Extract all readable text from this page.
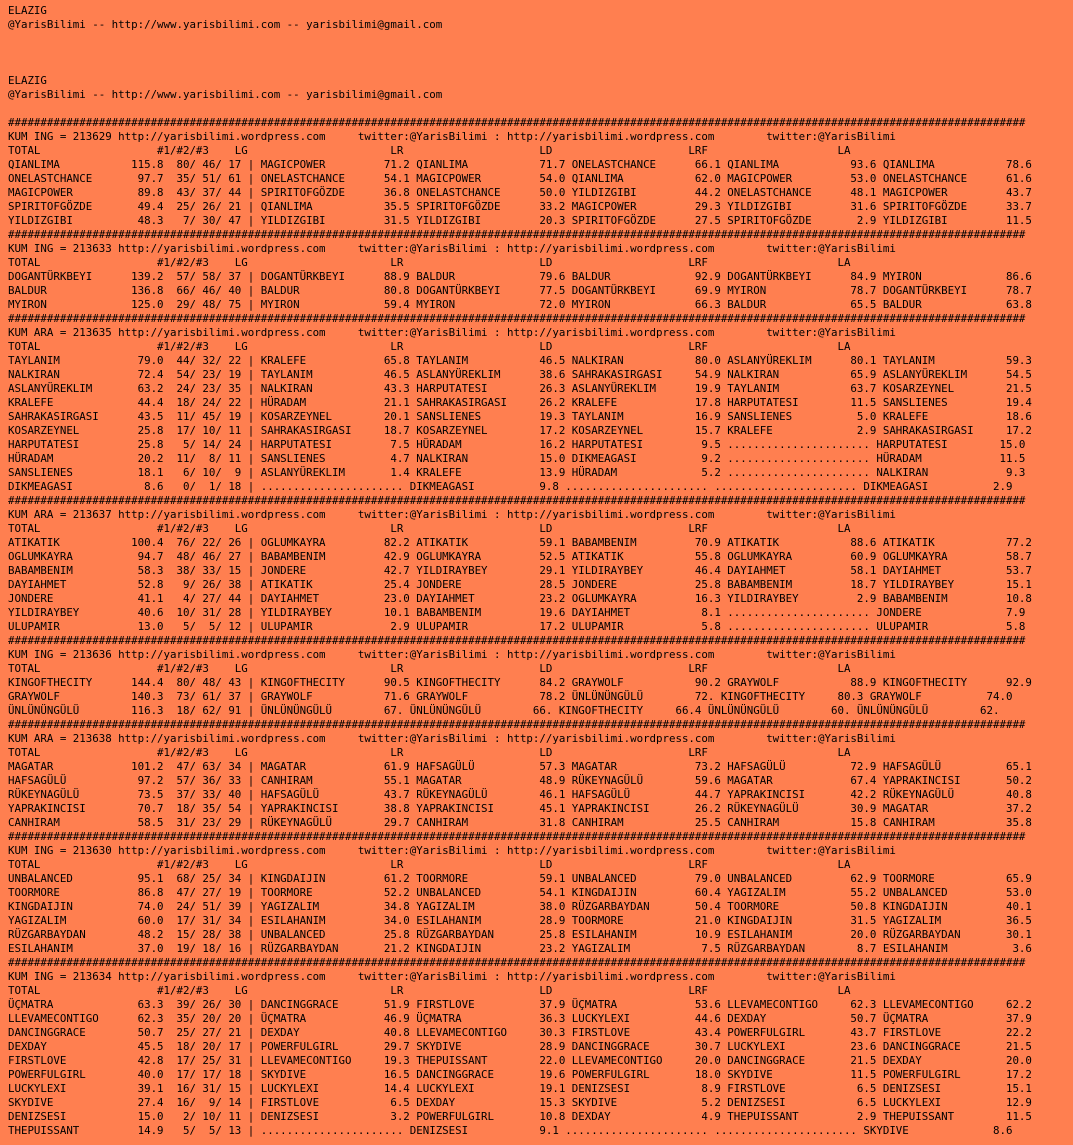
ELAZIG
@YarisBilimi -- http://www.yarisbilimi.com -- yarisbilimi@gmail.com

ELAZIG
@YarisBilimi -- http://www.yarisbilimi.com -- yarisbilimi@gmail.com

#############################################################################################################################################################
KUM ING = 213629 http://yarisbilimi.wordpress.com     twitter:@YarisBilimi : http://yarisbilimi.wordpress.com        twitter:@YarisBilimi
TOTAL                  #1/#2/#3    LG                      LR                     LD                     LRF                    LA
QIANLIMA           115.8  80/ 46/ 17 | MAGICPOWER         71.2 QIANLIMA           71.7 ONELASTCHANCE      66.1 QIANLIMA           93.6 QIANLIMA           78.6
ONELASTCHANCE       97.7  35/ 51/ 61 | ONELASTCHANCE      54.1 MAGICPOWER         54.0 QIANLIMA           62.0 MAGICPOWER         53.0 ONELASTCHANCE      61.6
MAGICPOWER          89.8  43/ 37/ 44 | SPIRITOFGÖZDE      36.8 ONELASTCHANCE      50.0 YILDIZGIBI         44.2 ONELASTCHANCE      48.1 MAGICPOWER         43.7
SPIRITOFGÖZDE       49.4  25/ 26/ 21 | QIANLIMA           35.5 SPIRITOFGÖZDE      33.2 MAGICPOWER         29.3 YILDIZGIBI         31.6 SPIRITOFGÖZDE      33.7
YILDIZGIBI          48.3   7/ 30/ 47 | YILDIZGIBI         31.5 YILDIZGIBI         20.3 SPIRITOFGÖZDE      27.5 SPIRITOFGÖZDE       2.9 YILDIZGIBI         11.5
#############################################################################################################################################################
KUM ING = 213633 http://yarisbilimi.wordpress.com     twitter:@YarisBilimi : http://yarisbilimi.wordpress.com        twitter:@YarisBilimi
TOTAL                  #1/#2/#3    LG                      LR                     LD                     LRF                    LA
DOGANTÜRKBEYI      139.2  57/ 58/ 37 | DOGANTÜRKBEYI      88.9 BALDUR             79.6 BALDUR             92.9 DOGANTÜRKBEYI      84.9 MYIRON             86.6
BALDUR             136.8  66/ 46/ 40 | BALDUR             80.8 DOGANTÜRKBEYI      77.5 DOGANTÜRKBEYI      69.9 MYIRON             78.7 DOGANTÜRKBEYI      78.7
MYIRON             125.0  29/ 48/ 75 | MYIRON             59.4 MYIRON             72.0 MYIRON             66.3 BALDUR             65.5 BALDUR             63.8
#############################################################################################################################################################
KUM ARA = 213635 http://yarisbilimi.wordpress.com     twitter:@YarisBilimi : http://yarisbilimi.wordpress.com        twitter:@YarisBilimi
TOTAL                  #1/#2/#3    LG                      LR                     LD                     LRF                    LA
TAYLANIM            79.0  44/ 32/ 22 | KRALEFE            65.8 TAYLANIM           46.5 NALKIRAN           80.0 ASLANYÜREKLIM      80.1 TAYLANIM           59.3
NALKIRAN            72.4  54/ 23/ 19 | TAYLANIM           46.5 ASLANYÜREKLIM      38.6 SAHRAKASIRGASI     54.9 NALKIRAN           65.9 ASLANYÜREKLIM      54.5
ASLANYÜREKLIM       63.2  24/ 23/ 35 | NALKIRAN           43.3 HARPUTATESI        26.3 ASLANYÜREKLIM      19.9 TAYLANIM           63.7 KOSARZEYNEL        21.5
KRALEFE             44.4  18/ 24/ 22 | HÜRADAM            21.1 SAHRAKASIRGASI     26.2 KRALEFE            17.8 HARPUTATESI        11.5 SANSLIENES         19.4
SAHRAKASIRGASI      43.5  11/ 45/ 19 | KOSARZEYNEL        20.1 SANSLIENES         19.3 TAYLANIM           16.9 SANSLIENES          5.0 KRALEFE            18.6
KOSARZEYNEL         25.8  17/ 10/ 11 | SAHRAKASIRGASI     18.7 KOSARZEYNEL        17.2 KOSARZEYNEL        15.7 KRALEFE             2.9 SAHRAKASIRGASI     17.2
HARPUTATESI         25.8   5/ 14/ 24 | HARPUTATESI         7.5 HÜRADAM            16.2 HARPUTATESI         9.5 ...................... HARPUTATESI        15.0
HÜRADAM             20.2  11/  8/ 11 | SANSLIENES          4.7 NALKIRAN           15.0 DIKMEAGASI          9.2 ...................... HÜRADAM            11.5
SANSLIENES          18.1   6/ 10/  9 | ASLANYÜREKLIM       1.4 KRALEFE            13.9 HÜRADAM             5.2 ...................... NALKIRAN            9.3
DIKMEAGASI           8.6   0/  1/ 18 | ...................... DIKMEAGASI          9.8 ...................... ...................... DIKMEAGASI          2.9
#############################################################################################################################################################
KUM ARA = 213637 http://yarisbilimi.wordpress.com     twitter:@YarisBilimi : http://yarisbilimi.wordpress.com        twitter:@YarisBilimi
TOTAL                  #1/#2/#3    LG                      LR                     LD                     LRF                    LA
ATIKATIK           100.4  76/ 22/ 26 | OGLUMKAYRA         82.2 ATIKATIK           59.1 BABAMBENIM         70.9 ATIKATIK           88.6 ATIKATIK           77.2
OGLUMKAYRA          94.7  48/ 46/ 27 | BABAMBENIM         42.9 OGLUMKAYRA         52.5 ATIKATIK           55.8 OGLUMKAYRA         60.9 OGLUMKAYRA         58.7
BABAMBENIM          58.3  38/ 33/ 15 | JONDERE            42.7 YILDIRAYBEY        29.1 YILDIRAYBEY        46.4 DAYIAHMET          58.1 DAYIAHMET          53.7
DAYIAHMET           52.8   9/ 26/ 38 | ATIKATIK           25.4 JONDERE            28.5 JONDERE            25.8 BABAMBENIM         18.7 YILDIRAYBEY        15.1
JONDERE             41.1   4/ 27/ 44 | DAYIAHMET          23.0 DAYIAHMET          23.2 OGLUMKAYRA         16.3 YILDIRAYBEY         2.9 BABAMBENIM         10.8
YILDIRAYBEY         40.6  10/ 31/ 28 | YILDIRAYBEY        10.1 BABAMBENIM         19.6 DAYIAHMET           8.1 ...................... JONDERE             7.9
ULUPAMIR            13.0   5/  5/ 12 | ULUPAMIR            2.9 ULUPAMIR           17.2 ULUPAMIR            5.8 ...................... ULUPAMIR            5.8
#############################################################################################################################################################
KUM ING = 213636 http://yarisbilimi.wordpress.com     twitter:@YarisBilimi : http://yarisbilimi.wordpress.com        twitter:@YarisBilimi
TOTAL                  #1/#2/#3    LG                      LR                     LD                     LRF                    LA
KINGOFTHECITY      144.4  80/ 48/ 43 | KINGOFTHECITY      90.5 KINGOFTHECITY      84.2 GRAYWOLF           90.2 GRAYWOLF           88.9 KINGOFTHECITY      92.9
GRAYWOLF           140.3  73/ 61/ 37 | GRAYWOLF           71.6 GRAYWOLF           78.2 ÜNLÜNÜNGÜLÜ        72. KINGOFTHECITY     80.3 GRAYWOLF          74.0
ÜNLÜNÜNGÜLÜ        116.3  18/ 62/ 91 | ÜNLÜNÜNGÜLÜ        67. ÜNLÜNÜNGÜLÜ        66. KINGOFTHECITY     66.4 ÜNLÜNÜNGÜLÜ        60. ÜNLÜNÜNGÜLÜ        62.
#############################################################################################################################################################
KUM ARA = 213638 http://yarisbilimi.wordpress.com     twitter:@YarisBilimi : http://yarisbilimi.wordpress.com        twitter:@YarisBilimi
TOTAL                  #1/#2/#3    LG                      LR                     LD                     LRF                    LA
MAGATAR            101.2  47/ 63/ 34 | MAGATAR            61.9 HAFSAGÜLÜ          57.3 MAGATAR            73.2 HAFSAGÜLÜ          72.9 HAFSAGÜLÜ          65.1
HAFSAGÜLÜ           97.2  57/ 36/ 33 | CANHIRAM           55.1 MAGATAR            48.9 RÜKEYNAGÜLÜ        59.6 MAGATAR            67.4 YAPRAKINCISI       50.2
RÜKEYNAGÜLÜ         73.5  37/ 33/ 40 | HAFSAGÜLÜ          43.7 RÜKEYNAGÜLÜ        46.1 HAFSAGÜLÜ          44.7 YAPRAKINCISI       42.2 RÜKEYNAGÜLÜ        40.8
YAPRAKINCISI        70.7  18/ 35/ 54 | YAPRAKINCISI       38.8 YAPRAKINCISI       45.1 YAPRAKINCISI       26.2 RÜKEYNAGÜLÜ        30.9 MAGATAR            37.2
CANHIRAM            58.5  31/ 23/ 29 | RÜKEYNAGÜLÜ        29.7 CANHIRAM           31.8 CANHIRAM           25.5 CANHIRAM           15.8 CANHIRAM           35.8
#############################################################################################################################################################
KUM ING = 213630 http://yarisbilimi.wordpress.com     twitter:@YarisBilimi : http://yarisbilimi.wordpress.com        twitter:@YarisBilimi
TOTAL                  #1/#2/#3    LG                      LR                     LD                     LRF                    LA
UNBALANCED          95.1  68/ 25/ 34 | KINGDAIJIN         61.2 TOORMORE           59.1 UNBALANCED         79.0 UNBALANCED         62.9 TOORMORE           65.9
TOORMORE            86.8  47/ 27/ 19 | TOORMORE           52.2 UNBALANCED         54.1 KINGDAIJIN         60.4 YAGIZALIM          55.2 UNBALANCED         53.0
KINGDAIJIN          74.0  24/ 51/ 39 | YAGIZALIM          34.8 YAGIZALIM          38.0 RÜZGARBAYDAN       50.4 TOORMORE           50.8 KINGDAIJIN         40.1
YAGIZALIM           60.0  17/ 31/ 34 | ESILAHANIM         34.0 ESILAHANIM         28.9 TOORMORE           21.0 KINGDAIJIN         31.5 YAGIZALIM          36.5
RÜZGARBAYDAN        48.2  15/ 28/ 38 | UNBALANCED         25.8 RÜZGARBAYDAN       25.8 ESILAHANIM         10.9 ESILAHANIM         20.0 RÜZGARBAYDAN       30.1
ESILAHANIM          37.0  19/ 18/ 16 | RÜZGARBAYDAN       21.2 KINGDAIJIN         23.2 YAGIZALIM           7.5 RÜZGARBAYDAN        8.7 ESILAHANIM          3.6
#############################################################################################################################################################
KUM ING = 213634 http://yarisbilimi.wordpress.com     twitter:@YarisBilimi : http://yarisbilimi.wordpress.com        twitter:@YarisBilimi
TOTAL                  #1/#2/#3    LG                      LR                     LD                     LRF                    LA
ÜÇMATRA             63.3  39/ 26/ 30 | DANCINGGRACE       51.9 FIRSTLOVE          37.9 ÜÇMATRA            53.6 LLEVAMECONTIGO     62.3 LLEVAMECONTIGO     62.2
LLEVAMECONTIGO      62.3  35/ 20/ 20 | ÜÇMATRA            46.9 ÜÇMATRA            36.3 LUCKYLEXI          44.6 DEXDAY             50.7 ÜÇMATRA            37.9
DANCINGGRACE        50.7  25/ 27/ 21 | DEXDAY             40.8 LLEVAMECONTIGO     30.3 FIRSTLOVE          43.4 POWERFULGIRL       43.7 FIRSTLOVE          22.2
DEXDAY              45.5  18/ 20/ 17 | POWERFULGIRL       29.7 SKYDIVE            28.9 DANCINGGRACE       30.7 LUCKYLEXI          23.6 DANCINGGRACE       21.5
FIRSTLOVE           42.8  17/ 25/ 31 | LLEVAMECONTIGO     19.3 THEPUISSANT        22.0 LLEVAMECONTIGO     20.0 DANCINGGRACE       21.5 DEXDAY             20.0
POWERFULGIRL        40.0  17/ 17/ 18 | SKYDIVE            16.5 DANCINGGRACE       19.6 POWERFULGIRL       18.0 SKYDIVE            11.5 POWERFULGIRL       17.2
LUCKYLEXI           39.1  16/ 31/ 15 | LUCKYLEXI          14.4 LUCKYLEXI          19.1 DENIZSESI           8.9 FIRSTLOVE           6.5 DENIZSESI          15.1
SKYDIVE             27.4  16/  9/ 14 | FIRSTLOVE           6.5 DEXDAY             15.3 SKYDIVE             5.2 DENIZSESI           6.5 LUCKYLEXI          12.9
DENIZSESI           15.0   2/ 10/ 11 | DENIZSESI           3.2 POWERFULGIRL       10.8 DEXDAY              4.9 THEPUISSANT         2.9 THEPUISSANT        11.5
THEPUISSANT         14.9   5/  5/ 13 | ...................... DENIZSESI           9.1 ...................... ...................... SKYDIVE             8.6
